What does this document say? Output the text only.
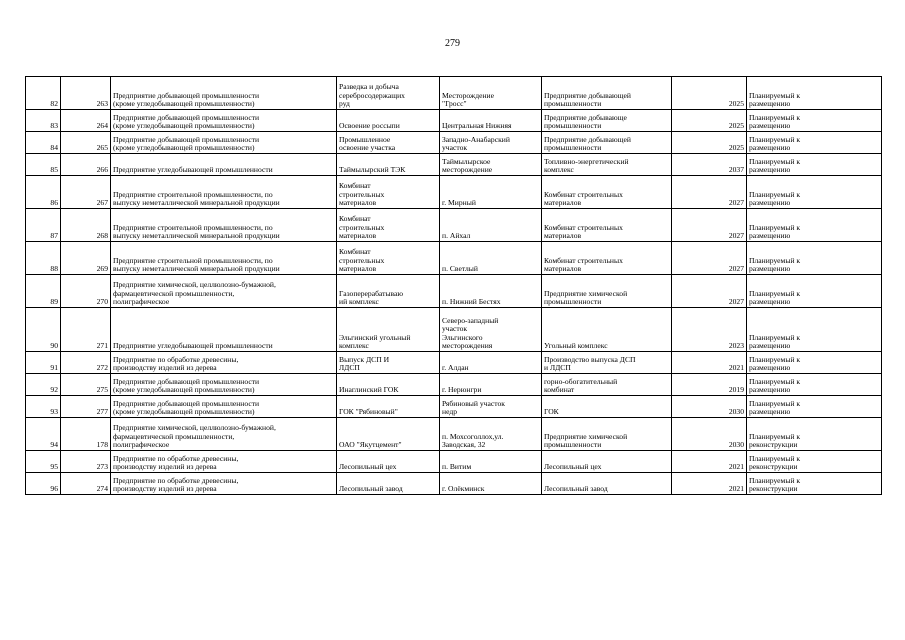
279
82	263	Предприятие добывающей промышленности
(кроме угледобывающей промышленности)	Разведка и добыча
серебросодержащих
руд	Месторождение
"Гросс"	Предприятие добывающей
промышленности	2025	Планируемый к
размещению
83	264	Предприятие добывающей промышленности
(кроме угледобывающей промышленности)	Освоение россыпи	Центральная Нижняя	Предприятие добывающе
промышленности	2025	Планируемый к
размещению
84	265	Предприятие добывающей промышленности
(кроме угледобывающей промышленности)	Промышленное
освоение участка	Западно-Анабарский
участок	Предприятие добывающей
промышленности	2025	Планируемый к
размещению
85	266	Предприятие угледобывающей промышленности	Таймылырский ТЭК	Таймылырское
месторождение	Топливно-энергетический
комплекс	2037	Планируемый к
размещению
86	267	Предприятие строительной промышленности, по
выпуску неметаллической минеральной продукции	Комбинат
строительных
материалов	г. Мирный	Комбинат строительных
материалов	2027	Планируемый к
размещению
87	268	Предприятие строительной промышленности, по
выпуску неметаллической минеральной продукции	Комбинат
строительных
материалов	п. Айхал	Комбинат строительных
материалов	2027	Планируемый к
размещению
88	269	Предприятие строительной промышленности, по
выпуску неметаллической минеральной продукции	Комбинат
строительных
материалов	п. Светлый	Комбинат строительных
материалов	2027	Планируемый к
размещению
89	270	Предприятие химической, целлюлозно-бумажной,
фармацевтической промышленности,
полиграфическое	Газоперерабатываю
ий комплекс	п. Нижний Бестях	Предприятие химической
промышленности	2027	Планируемый к
размещению
90	271	Предприятие угледобывающей промышленности	Эльгинский угольный
комплекс	Северо-западный
участок
Эльгинского
месторождения	Угольный комплекс	2023	Планируемый к
размещению
91	272	Предприятие по обработке древесины,
производству изделий из дерева	Выпуск ДСП И
ЛДСП	г. Алдан	Производство выпуска ДСП
и ЛДСП	2021	Планируемый к
размещению
92	275	Предприятие добывающей промышленности
(кроме угледобывающей промышленности)	Инаглинский ГОК	г. Нерюнгри	горно-обогатительный
комбинат	2019	Планируемый к
размещению
93	277	Предприятие добывающей промышленности
(кроме угледобывающей промышленности)	ГОК "Рябиновый"	Рябиновый участок
недр	ГОК	2030	Планируемый к
размещению
94	178	Предприятие химической, целлюлозно-бумажной,
фармацевтической промышленности,
полиграфическое	ОАО "Якутцемент"	п. Мохсоголлох,ул.
Заводская, 32	Предприятие химической
промышленности	2030	Планируемый к
реконструкции
95	273	Предприятие по обработке древесины,
производству изделий из дерева	Лесопильный цех	п. Витим	Лесопильный цех	2021	Планируемый к
реконструкции
96	274	Предприятие по обработке древесины,
производству изделий из дерева	Лесопильный завод	г. Олёкминск	Лесопильный завод	2021	Планируемый к
реконструкции
